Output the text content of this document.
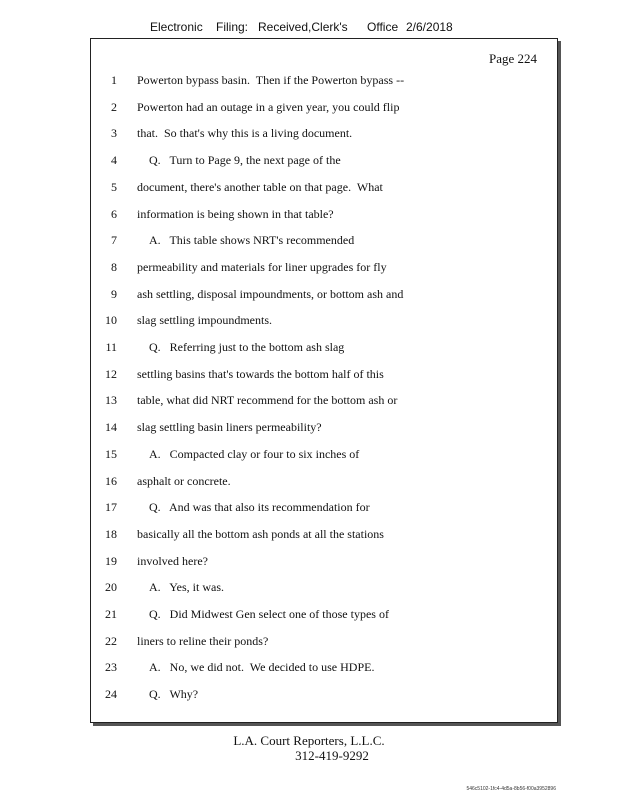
Electronic Filing: Received,Clerk's Office 2/6/2018
Page 224
1 Powerton bypass basin.  Then if the Powerton bypass --
2 Powerton had an outage in a given year, you could flip
3 that.  So that's why this is a living document.
4	Q.   Turn to Page 9, the next page of the
5 document, there's another table on that page.  What
6 information is being shown in that table?
7	A.   This table shows NRT's recommended
8 permeability and materials for liner upgrades for fly
9 ash settling, disposal impoundments, or bottom ash and
10 slag settling impoundments.
11	Q.   Referring just to the bottom ash slag
12 settling basins that's towards the bottom half of this
13 table, what did NRT recommend for the bottom ash or
14 slag settling basin liners permeability?
15	A.   Compacted clay or four to six inches of
16 asphalt or concrete.
17	Q.   And was that also its recommendation for
18 basically all the bottom ash ponds at all the stations
19 involved here?
20	A.   Yes, it was.
21	Q.   Did Midwest Gen select one of those types of
22 liners to reline their ponds?
23	A.   No, we did not.  We decided to use HDPE.
24	Q.   Why?
L.A. Court Reporters, L.L.C.
312-419-9292
546c5102-1fc4-4d5a-8b56-f00a3952896
